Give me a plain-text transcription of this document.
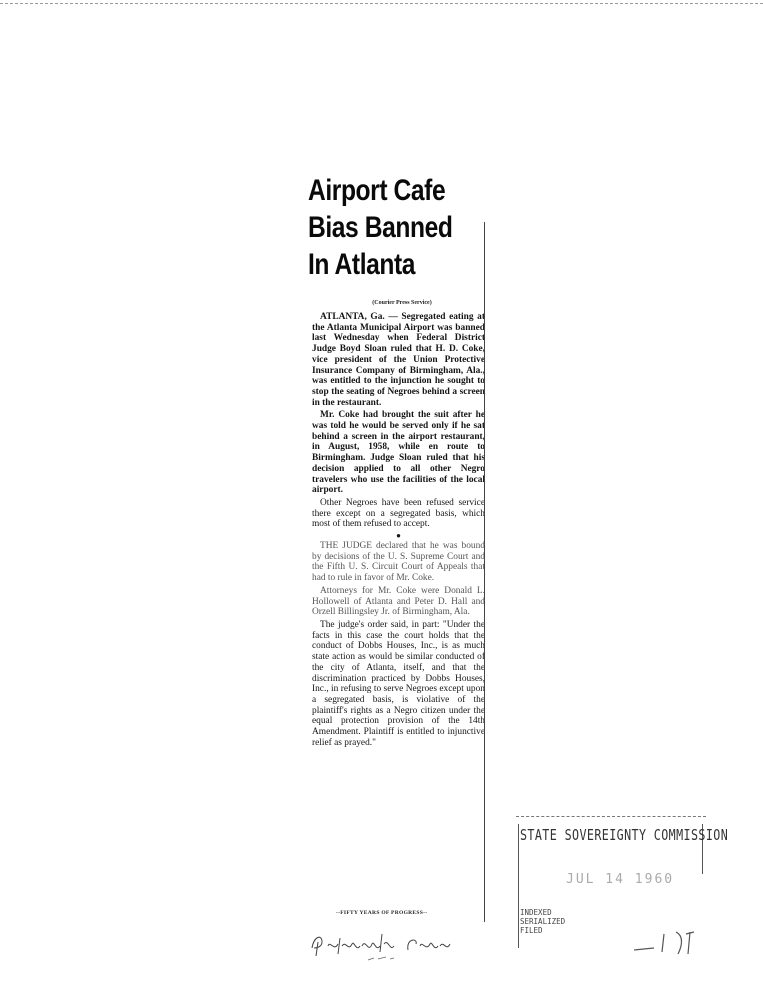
Airport Cafe
Bias Banned
In Atlanta
(Courier Press Service)

ATLANTA, Ga. — Segregated eating at the Atlanta Municipal Airport was banned last Wednesday when Federal District Judge Boyd Sloan ruled that H. D. Coke, vice president of the Union Protective Insurance Company of Birmingham, Ala., was entitled to the injunction he sought to stop the seating of Negroes behind a screen in the restaurant.

Mr. Coke had brought the suit after he was told he would be served only if he sat behind a screen in the airport restaurant, in August, 1958, while en route to Birmingham. Judge Sloan ruled that his decision applied to all other Negro travelers who use the facilities of the local airport.

Other Negroes have been refused service there except on a segregated basis, which most of them refused to accept.

●

THE JUDGE declared that he was bound by decisions of the U. S. Supreme Court and the Fifth U. S. Circuit Court of Appeals that had to rule in favor of Mr. Coke.

Attorneys for Mr. Coke were Donald L. Hollowell of Atlanta and Peter D. Hall and Orzell Billingsley Jr. of Birmingham, Ala.

The judge's order said, in part: "Under the facts in this case the court holds that the conduct of Dobbs Houses, Inc., is as much state action as would be similar conducted of the city of Atlanta, itself, and that the discrimination practiced by Dobbs Houses, Inc., in refusing to serve Negroes except upon a segregated basis, is violative of the plaintiff's rights as a Negro citizen under the equal protection provision of the 14th Amendment. Plaintiff is entitled to injunctive relief as prayed."

--FIFTY YEARS OF PROGRESS--
STATE SOVEREIGNTY COMMISSION
JUL 14 1960
INDEXED
SERIALIZED
FILED
